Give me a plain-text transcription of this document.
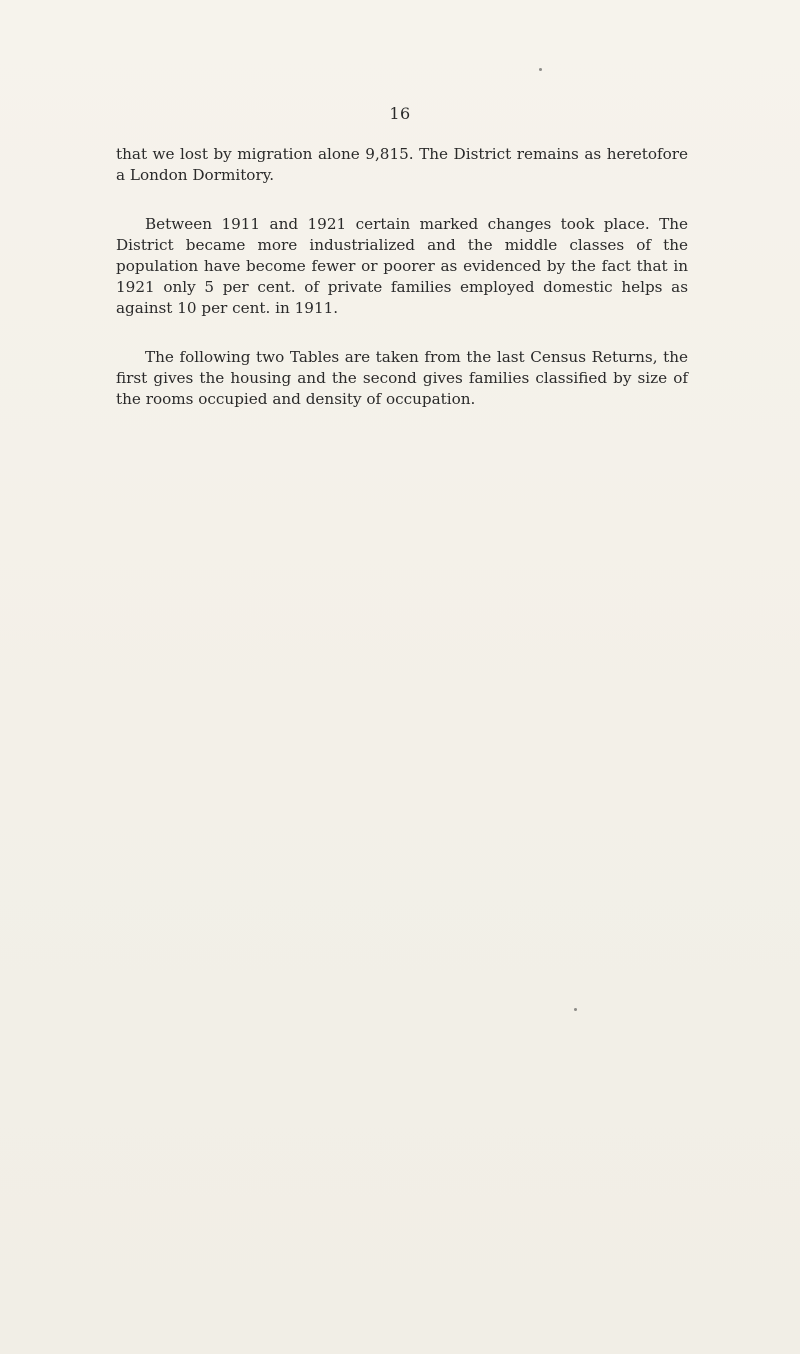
16

that we lost by migration alone 9,815. The District remains as heretofore a London Dormitory.

Between 1911 and 1921 certain marked changes took place. The District became more industrialized and the middle classes of the population have become fewer or poorer as evidenced by the fact that in 1921 only 5 per cent. of private families employed domestic helps as against 10 per cent. in 1911.

The following two Tables are taken from the last Census Returns, the first gives the housing and the second gives families classified by size of the rooms occupied and density of occupation.
